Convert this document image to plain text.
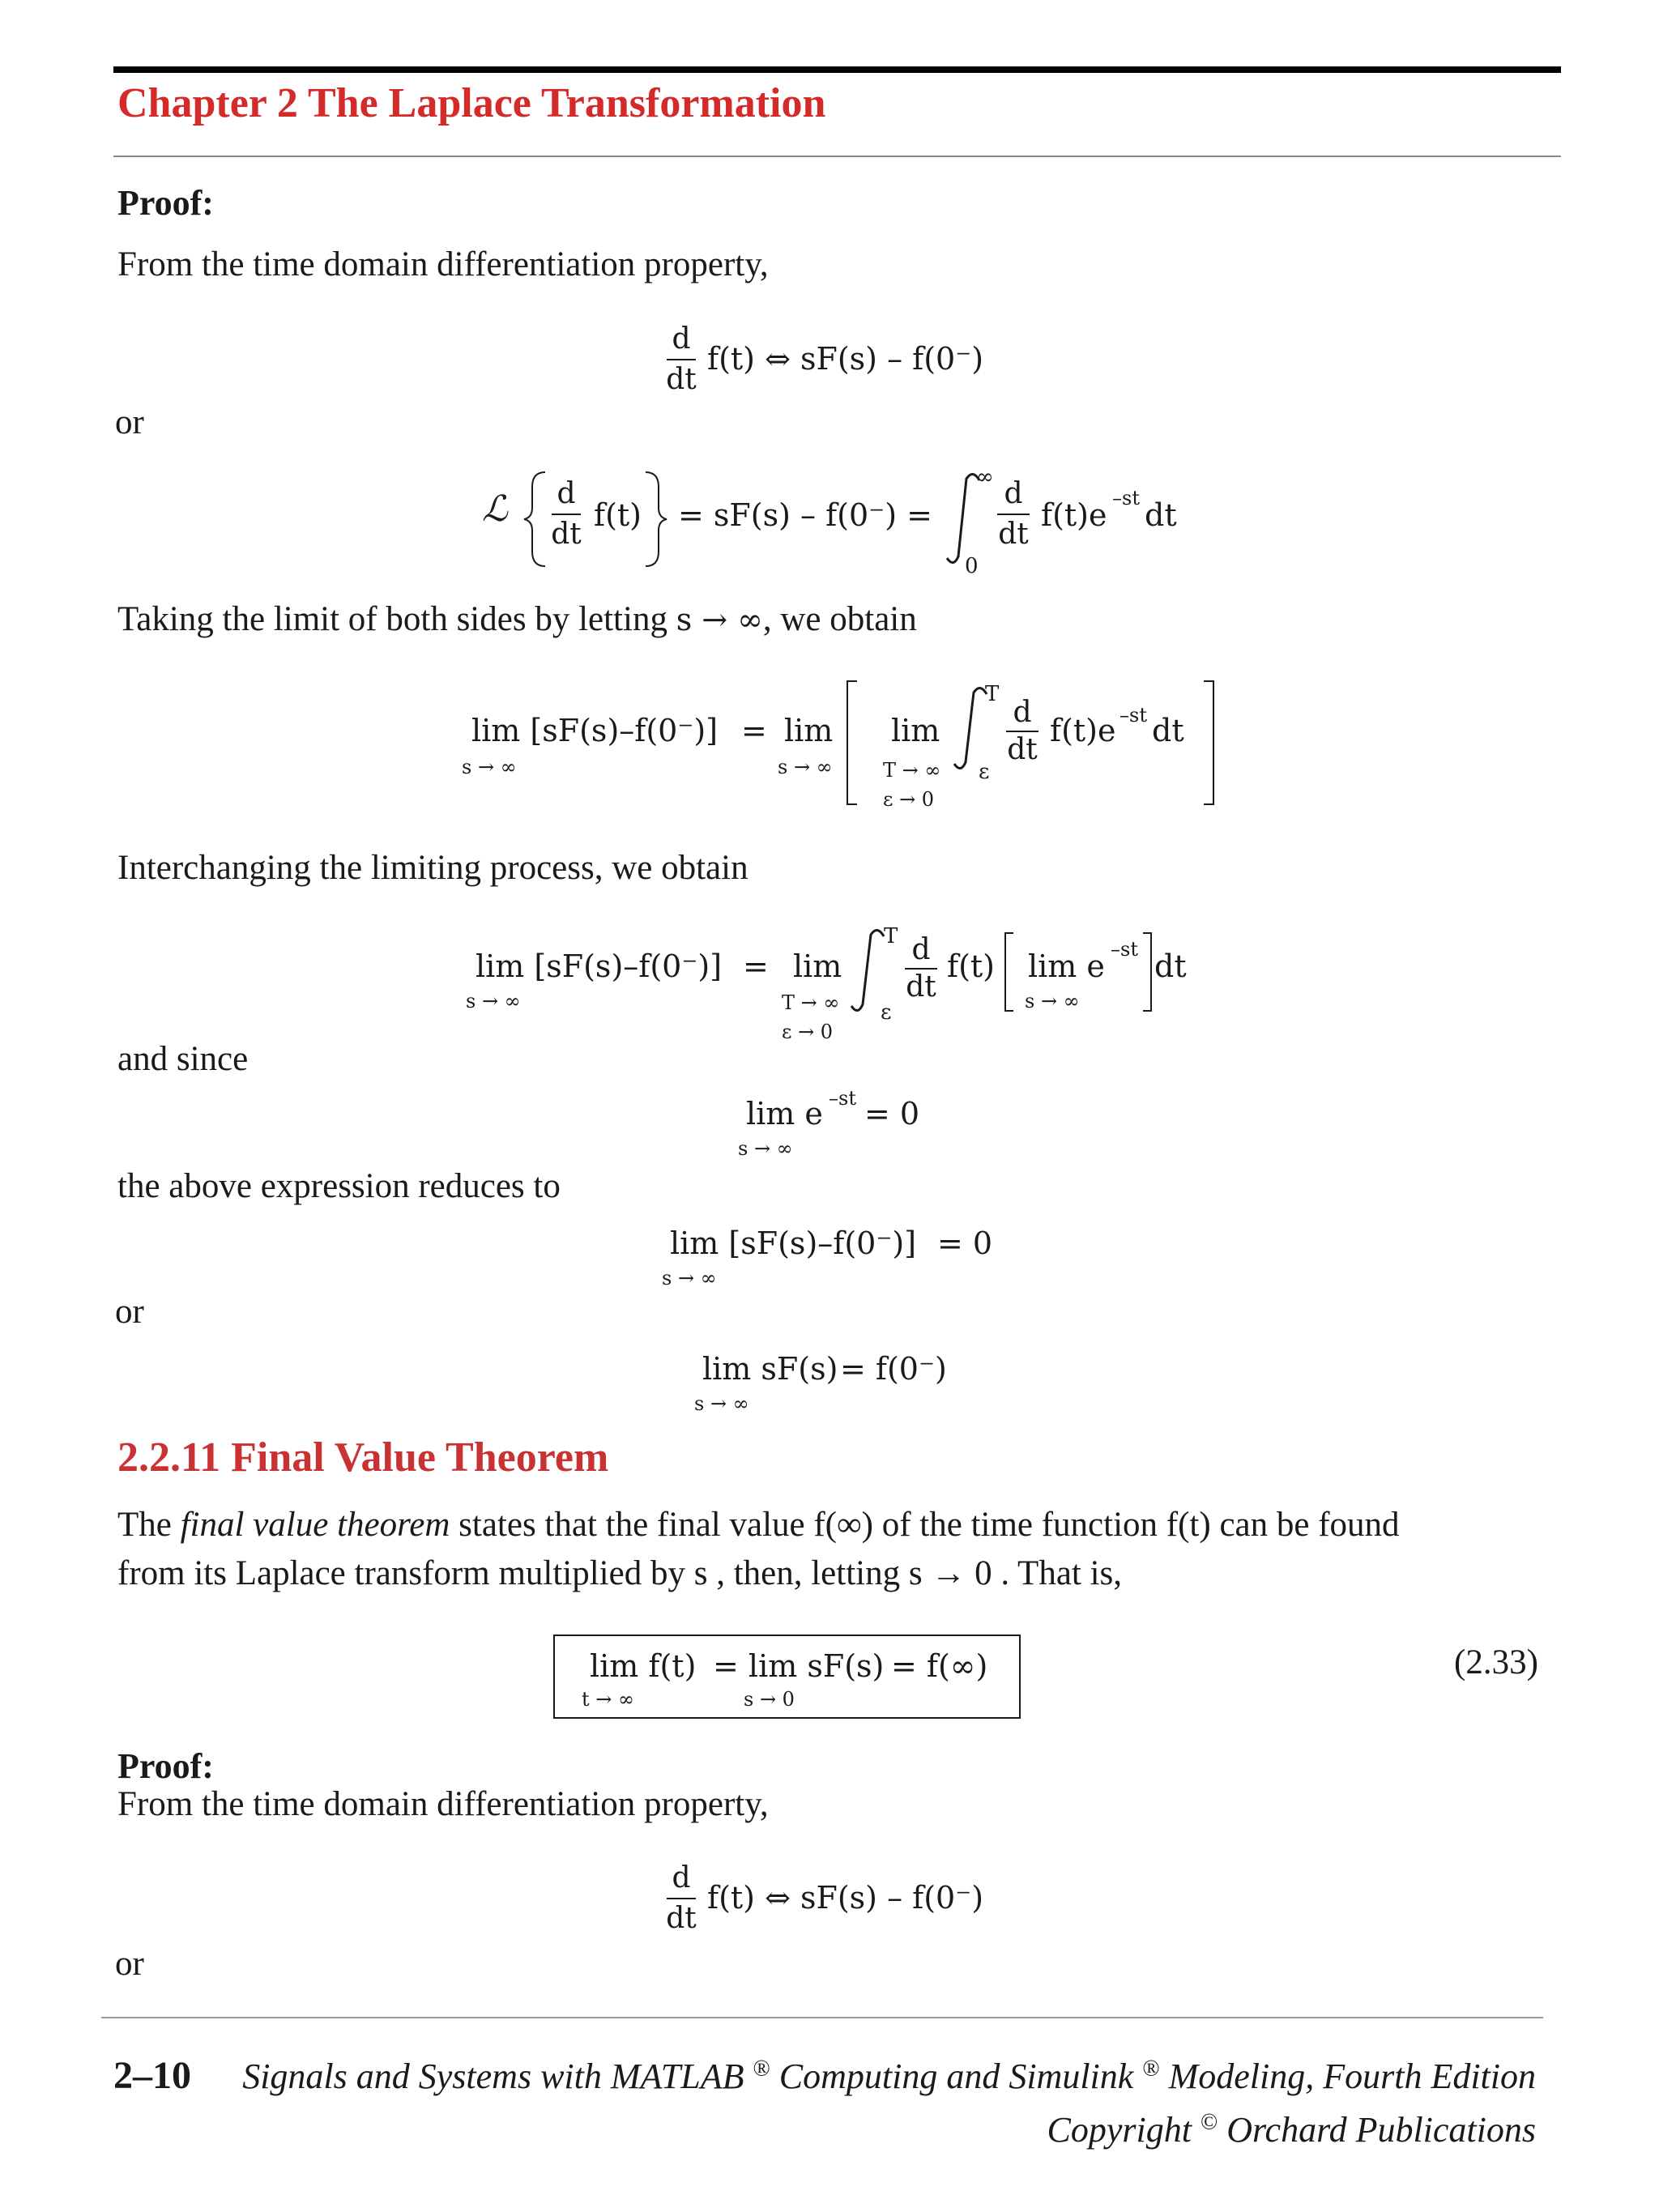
Chapter 2 The Laplace Transformation
Proof:
From the time domain differentiation property,
d
dt
f(t) ⇔ sF(s) – f(0⁻)
or
ℒ d
dt
f(t) = sF(s) – f(0⁻) =
∞
0
d
dt
f(t)e –st dt
Taking the limit of both sides by letting s → ∞, we obtain
lim [sF(s)–f(0⁻)]
s → ∞
= lim
s → ∞
lim
T → ∞
ε → 0
T
ε
d
dt
f(t)e –st dt
Interchanging the limiting process, we obtain
lim [sF(s)–f(0⁻)]
s → ∞
= lim
T → ∞
ε → 0
T
ε
d
dt
f(t) lim e
s → ∞
–st dt
and since
lim e
s → ∞
–st = 0
the above expression reduces to
lim [sF(s)–f(0⁻)]
s → ∞
= 0
or
lim sF(s)
s → ∞
= f(0⁻)
2.2.11 Final Value Theorem
The final value theorem states that the final value f(∞) of the time function f(t) can be found
from its Laplace transform multiplied by s , then, letting s → 0 . That is,
lim f(t)
t → ∞
= lim sF(s)
s → 0
= f(∞)	(2.33)
Proof:
From the time domain differentiation property,
d
dt
f(t) ⇔ sF(s) – f(0⁻)
or
2–10 Signals and Systems with MATLAB ® Computing and Simulink ® Modeling, Fourth Edition
Copyright © Orchard Publications
